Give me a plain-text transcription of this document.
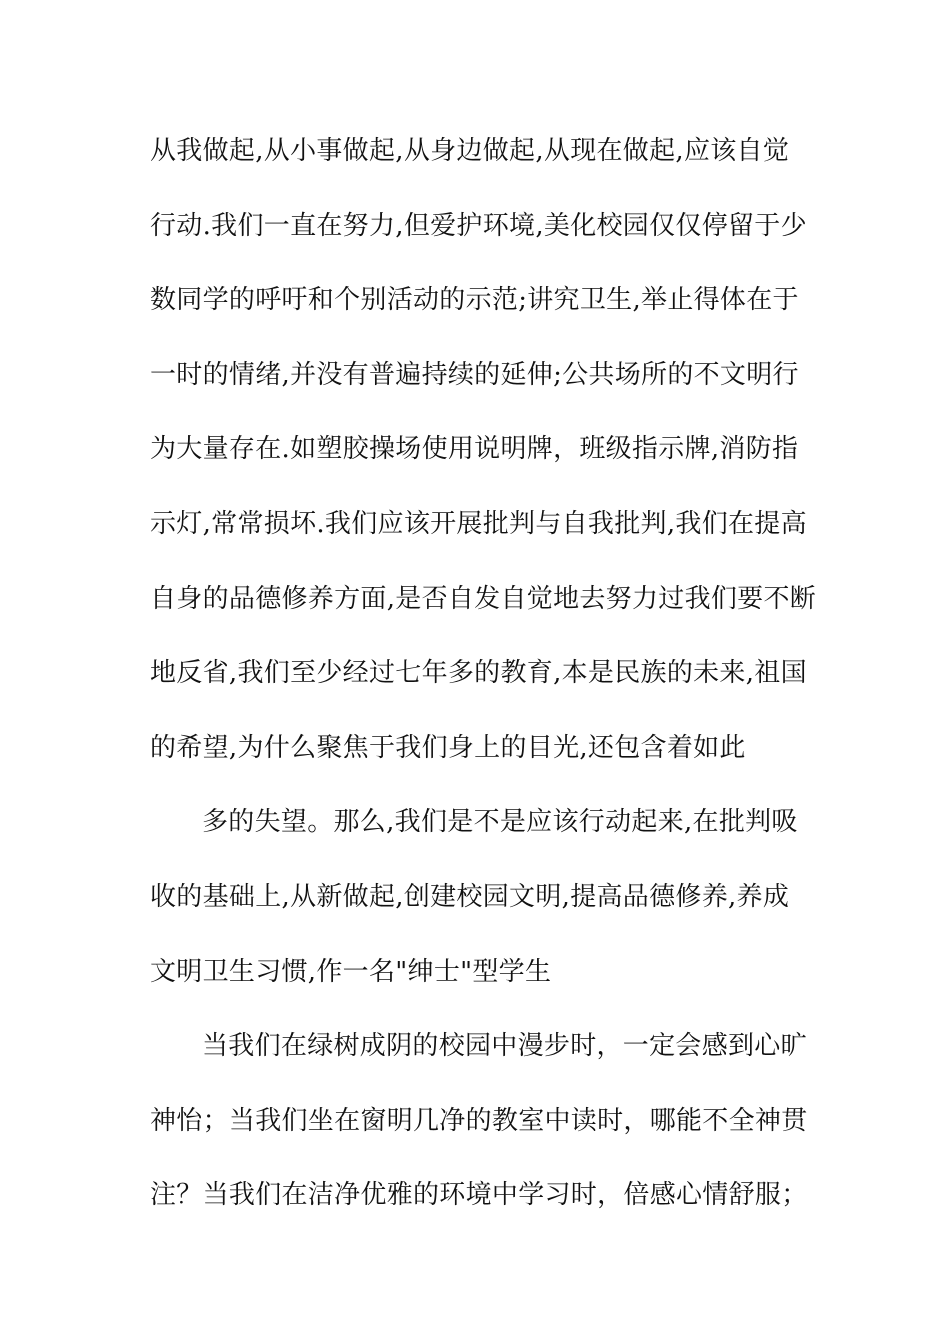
从我做起,从小事做起,从身边做起,从现在做起,应该自觉
行动.我们一直在努力,但爱护环境,美化校园仅仅停留于少
数同学的呼吁和个别活动的示范;讲究卫生,举止得体在于
一时的情绪,并没有普遍持续的延伸;公共场所的不文明行
为大量存在.如塑胶操场使用说明牌，班级指示牌,消防指
示灯,常常损坏.我们应该开展批判与自我批判,我们在提高
自身的品德修养方面,是否自发自觉地去努力过我们要不断
地反省,我们至少经过七年多的教育,本是民族的未来,祖国
的希望,为什么聚焦于我们身上的目光,还包含着如此
多的失望。那么,我们是不是应该行动起来,在批判吸
收的基础上,从新做起,创建校园文明,提高品德修养,养成
文明卫生习惯,作一名"绅士"型学生
当我们在绿树成阴的校园中漫步时，一定会感到心旷
神怡；当我们坐在窗明几净的教室中读时，哪能不全神贯
注？当我们在洁净优雅的环境中学习时，倍感心情舒服；
